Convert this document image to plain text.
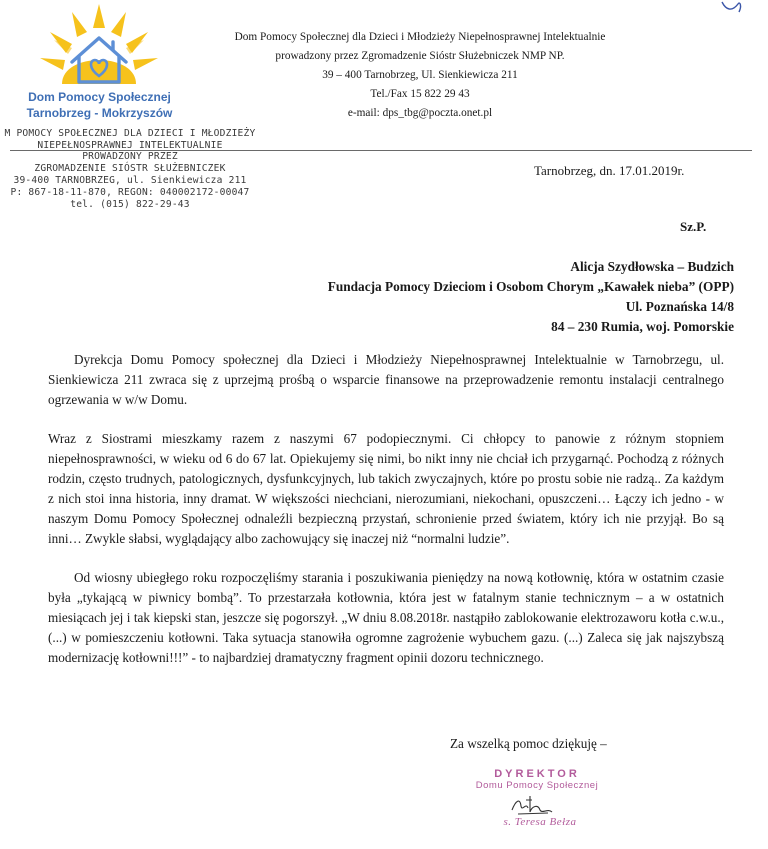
Dom Pomocy Społecznej
Tarnobrzeg - Mokrzyszów
Dom Pomocy Społecznej dla Dzieci i Młodzieży Niepełnosprawnej Intelektualnie
prowadzony przez Zgromadzenie Sióstr Służebniczek NMP NP.
39 – 400 Tarnobrzeg, Ul. Sienkiewicza 211
Tel./Fax 15 822 29 43
e-mail: dps_tbg@poczta.onet.pl
M POMOCY SPOŁECZNEJ DLA DZIECI I MŁODZIEŻY
NIEPEŁNOSPRAWNEJ INTELEKTUALNIE
PROWADZONY PRZEZ
ZGROMADZENIE SIÓSTR SŁUŻEBNICZEK
39-400 TARNOBRZEG, ul. Sienkiewicza 211
P: 867-18-11-870, REGON: 040002172-00047
tel. (015) 822-29-43
Tarnobrzeg, dn. 17.01.2019r.
Sz.P.
Alicja Szydłowska – Budzich
Fundacja Pomocy Dzieciom i Osobom Chorym „Kawałek nieba” (OPP)
Ul. Poznańska 14/8
84 – 230 Rumia, woj. Pomorskie
Dyrekcja Domu Pomocy społecznej dla Dzieci i Młodzieży Niepełnosprawnej Intelektualnie w Tarnobrzegu, ul. Sienkiewicza 211 zwraca się z uprzejmą prośbą o wsparcie finansowe na przeprowadzenie remontu instalacji centralnego ogrzewania w w/w Domu.
Wraz z Siostrami mieszkamy razem z naszymi 67 podopiecznymi. Ci chłopcy to panowie z różnym stopniem niepełnosprawności, w wieku od 6 do 67 lat. Opiekujemy się nimi, bo nikt inny nie chciał ich przygarnąć. Pochodzą z różnych rodzin, często trudnych, patologicznych, dysfunkcyjnych, lub takich zwyczajnych, które po prostu sobie nie radzą.. Za każdym z nich stoi inna historia, inny dramat. W większości niechciani, nierozumiani, niekochani, opuszczeni… Łączy ich jedno - w naszym Domu Pomocy Społecznej odnaleźli bezpieczną przystań, schronienie przed światem, który ich nie przyjął. Bo są inni… Zwykle słabsi, wyglądający albo zachowujący się inaczej niż “normalni ludzie”.
Od wiosny ubiegłego roku rozpoczęliśmy starania i poszukiwania pieniędzy na nową kotłownię, która w ostatnim czasie była „tykającą w piwnicy bombą”. To przestarzała kotłownia, która jest w fatalnym stanie technicznym – a w ostatnich miesiącach jej i tak kiepski stan, jeszcze się pogorszył. „W dniu 8.08.2018r. nastąpiło zablokowanie elektrozaworu kotła c.w.u., (...) w pomieszczeniu kotłowni. Taka sytuacja stanowiła ogromne zagrożenie wybuchem gazu. (...) Zaleca się jak najszybszą modernizację kotłowni!!!” - to najbardziej dramatyczny fragment opinii dozoru technicznego.
Za wszelką pomoc dziękuję –
DYREKTOR
Domu Pomocy Społecznej
s. Teresa Bełza
